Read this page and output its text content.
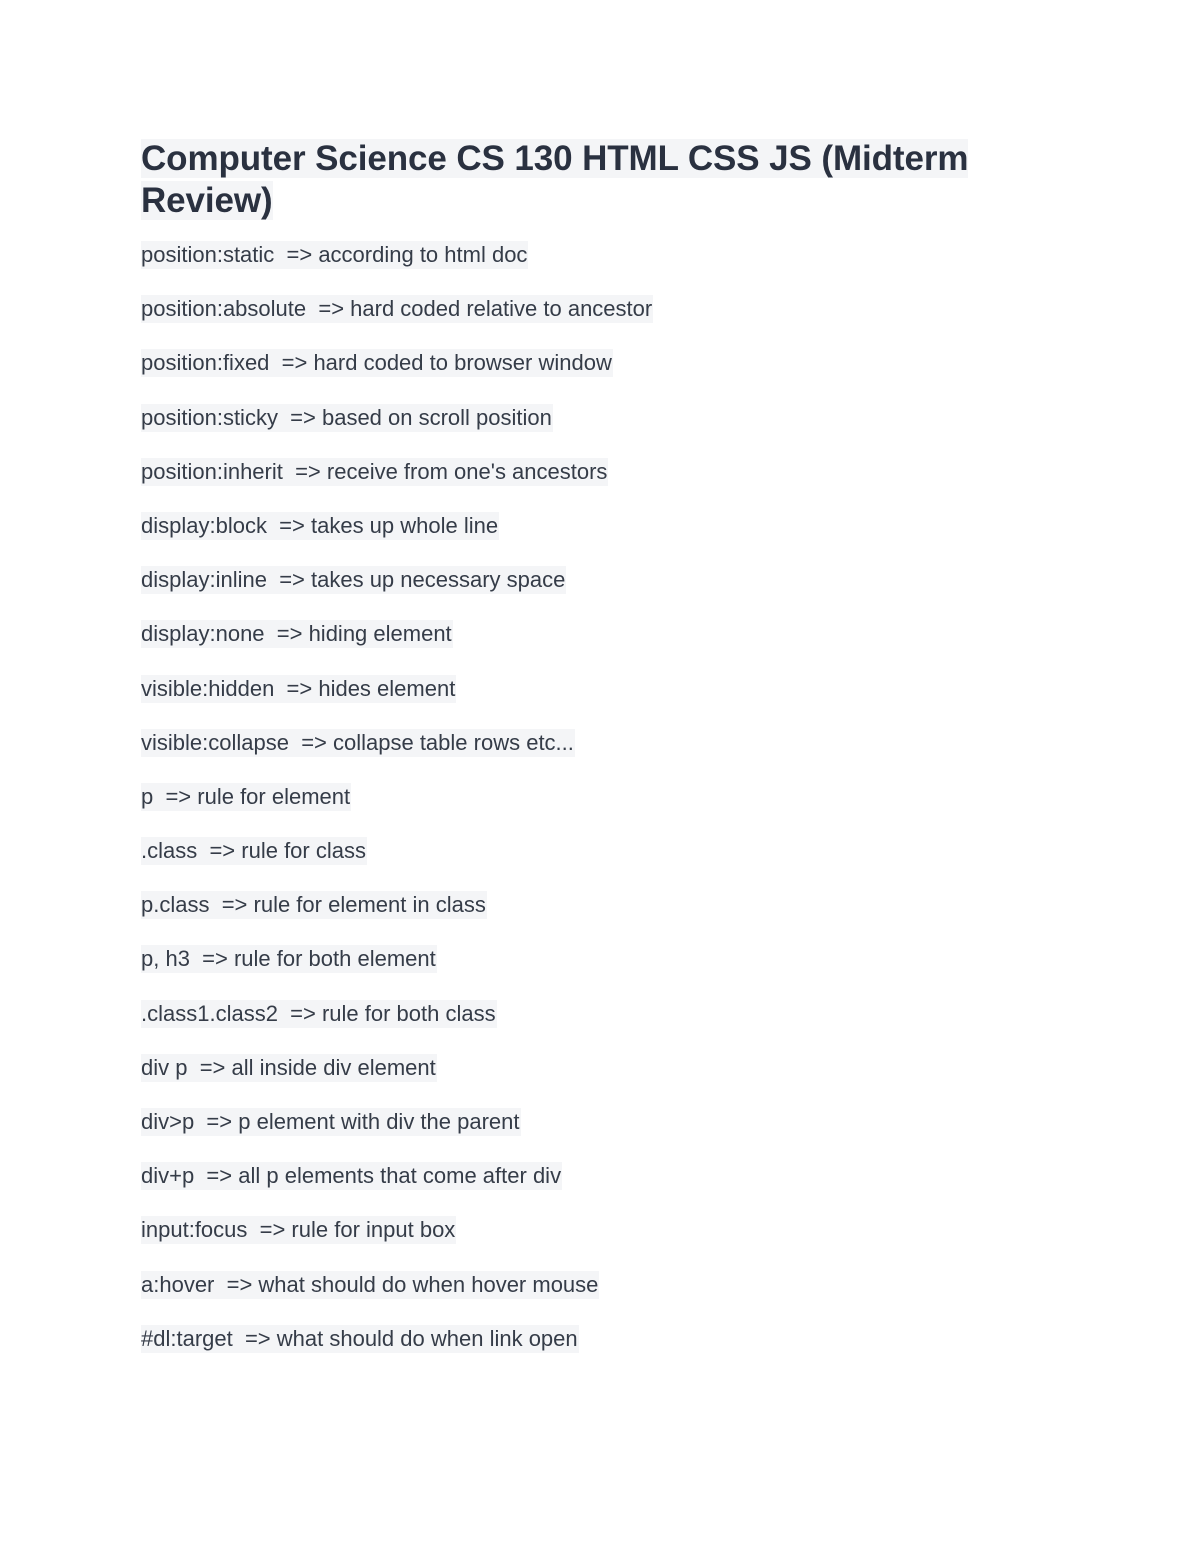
Computer Science CS 130 HTML CSS JS (Midterm Review)
position:static  => according to html doc
position:absolute  => hard coded relative to ancestor
position:fixed  => hard coded to browser window
position:sticky  => based on scroll position
position:inherit  => receive from one's ancestors
display:block  => takes up whole line
display:inline  => takes up necessary space
display:none  => hiding element
visible:hidden  => hides element
visible:collapse  => collapse table rows etc...
p  => rule for element
.class  => rule for class
p.class  => rule for element in class
p, h3  => rule for both element
.class1.class2  => rule for both class
div p  => all inside div element
div>p  => p element with div the parent
div+p  => all p elements that come after div
input:focus  => rule for input box
a:hover  => what should do when hover mouse
#dl:target  => what should do when link open
